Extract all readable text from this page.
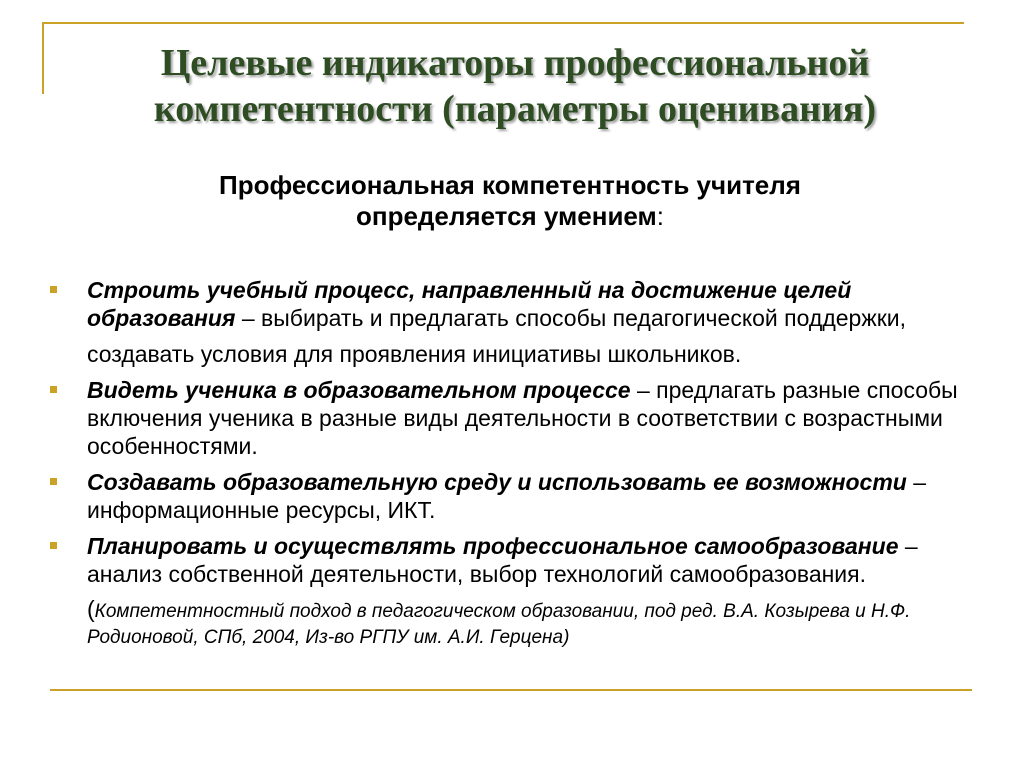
Целевые индикаторы профессиональной
компетентности (параметры оценивания)
Профессиональная компетентность учителя
определяется умением:
Строить учебный процесс, направленный на достижение целей образования – выбирать и предлагать способы педагогической поддержки,
создавать условия для проявления инициативы школьников.
Видеть ученика в образовательном процессе – предлагать разные способы включения ученика в разные виды деятельности в соответствии с возрастными особенностями.
Создавать образовательную среду и использовать ее возможности – информационные ресурсы, ИКТ.
Планировать и осуществлять профессиональное самообразование – анализ собственной деятельности, выбор технологий самообразования.
(Компетентностный подход в педагогическом образовании, под ред. В.А. Козырева и Н.Ф. Родионовой, СПб, 2004, Из-во РГПУ им. А.И. Герцена)
